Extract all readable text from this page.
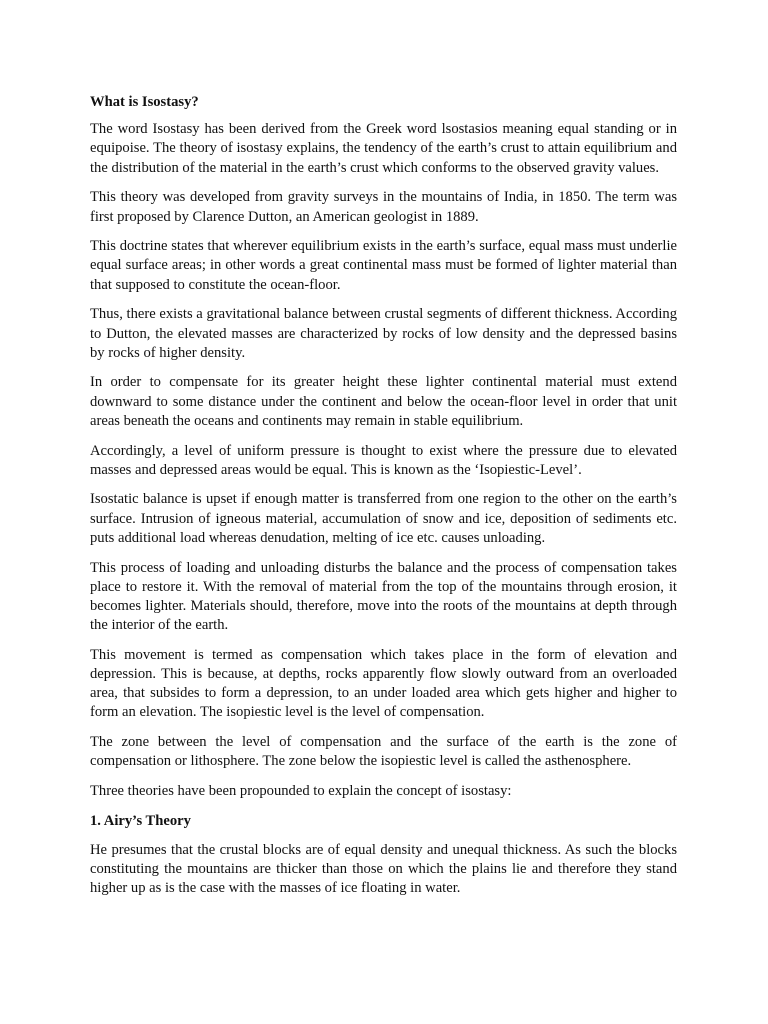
What is Isostasy?

The word Isostasy has been derived from the Greek word lsostasios meaning equal standing or in equipoise. The theory of isostasy explains, the tendency of the earth’s crust to attain equilibrium and the distribution of the material in the earth’s crust which conforms to the observed gravity values.

This theory was developed from gravity surveys in the mountains of India, in 1850. The term was first proposed by Clarence Dutton, an American geologist in 1889.

This doctrine states that wherever equilibrium exists in the earth’s surface, equal mass must underlie equal surface areas; in other words a great continental mass must be formed of lighter material than that supposed to constitute the ocean-floor.

Thus, there exists a gravitational balance between crustal segments of different thickness. According to Dutton, the elevated masses are characterized by rocks of low density and the depressed basins by rocks of higher density.

In order to compensate for its greater height these lighter continental material must extend downward to some distance under the continent and below the ocean-floor level in order that unit areas beneath the oceans and continents may remain in stable equilibrium.

Accordingly, a level of uniform pressure is thought to exist where the pressure due to elevated masses and depressed areas would be equal. This is known as the ‘Isopiestic-Level’.

Isostatic balance is upset if enough matter is transferred from one region to the other on the earth’s surface. Intrusion of igneous material, accumulation of snow and ice, deposition of sediments etc. puts additional load whereas denudation, melting of ice etc. causes unloading.

This process of loading and unloading disturbs the balance and the process of compensation takes place to restore it. With the removal of material from the top of the mountains through erosion, it becomes lighter. Materials should, therefore, move into the roots of the mountains at depth through the interior of the earth.

This movement is termed as compensation which takes place in the form of elevation and depression. This is because, at depths, rocks apparently flow slowly outward from an overloaded area, that subsides to form a depression, to an under loaded area which gets higher and higher to form an elevation. The isopiestic level is the level of compensation.

The zone between the level of compensation and the surface of the earth is the zone of compensation or lithosphere. The zone below the isopiestic level is called the asthenosphere.

Three theories have been propounded to explain the concept of isostasy:

1. Airy’s Theory

He presumes that the crustal blocks are of equal density and unequal thickness. As such the blocks constituting the mountains are thicker than those on which the plains lie and therefore they stand higher up as is the case with the masses of ice floating in water.
